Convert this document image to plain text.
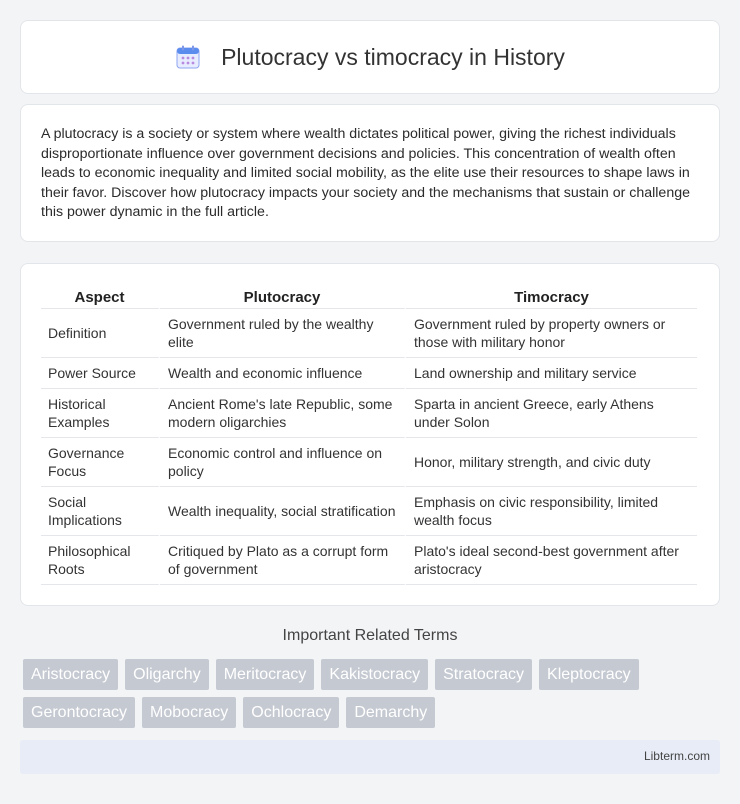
Plutocracy vs timocracy in History

A plutocracy is a society or system where wealth dictates political power, giving the richest individuals disproportionate influence over government decisions and policies. This concentration of wealth often leads to economic inequality and limited social mobility, as the elite use their resources to shape laws in their favor. Discover how plutocracy impacts your society and the mechanisms that sustain or challenge this power dynamic in the full article.

Aspect	Plutocracy	Timocracy
Definition	Government ruled by the wealthy elite	Government ruled by property owners or those with military honor
Power Source	Wealth and economic influence	Land ownership and military service
Historical Examples	Ancient Rome's late Republic, some modern oligarchies	Sparta in ancient Greece, early Athens under Solon
Governance Focus	Economic control and influence on policy	Honor, military strength, and civic duty
Social Implications	Wealth inequality, social stratification	Emphasis on civic responsibility, limited wealth focus
Philosophical Roots	Critiqued by Plato as a corrupt form of government	Plato's ideal second-best government after aristocracy
Important Related Terms
Aristocracy	Oligarchy	Meritocracy	Kakistocracy	Stratocracy	Kleptocracy
Gerontocracy	Mobocracy	Ochlocracy	Demarchy
Libterm.com
